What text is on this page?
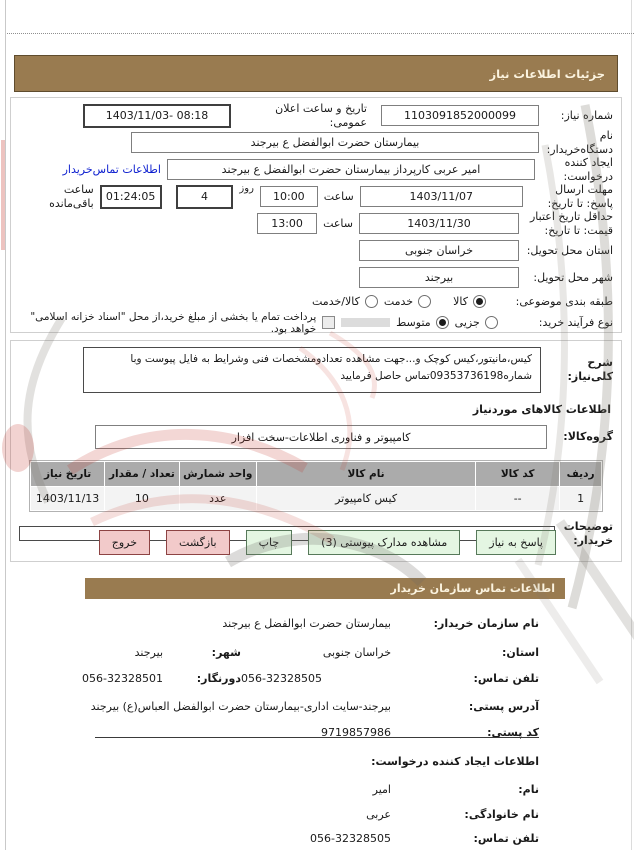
جزئیات اطلاعات نیاز
شماره نیاز:
1103091852000099
تاریخ و ساعت اعلان عمومی:
1403/11/03- 08:18
نام دستگاه‌خریدار:
بیمارستان حضرت ابوالفضل ع بیرجند
ایجاد کننده درخواست:
امیر عربی کارپرداز بیمارستان حضرت ابوالفضل ع بیرجند
اطلاعات تماس‌خریدار
مهلت ارسال پاسخ: تا تاریخ:
1403/11/07
ساعت
10:00
روز
4
01:24:05
ساعت باقی‌مانده
حداقل تاریخ اعتبار قیمت: تا تاریخ:
1403/11/30
ساعت
13:00
استان محل تحویل:
خراسان جنوبی
شهر محل تحویل:
بیرجند
طبقه بندی موضوعی:
کالا
خدمت
کالا/خدمت
نوع فرآیند خرید:
جزیی
متوسط
پرداخت تمام یا بخشی از مبلغ خرید،از محل "اسناد خزانه اسلامی" خواهد بود.
شرح کلی‌نیاز:
کیس،مانیتور،کیس کوچک و...جهت مشاهده تعدادومشخصات فنی وشرایط به فایل پیوست وبا شماره09353736198تماس حاصل فرمایید
اطلاعات کالاهای موردنیاز
گروه‌کالا:
کامپیوتر و فناوری اطلاعات-سخت افزار
ردیف	کد کالا	نام کالا	واحد شمارش	تعداد / مقدار	تاریخ نیاز
1	--	کیس کامپیوتر	عدد	10	1403/11/13
توضیحات خریدار:
پاسخ به نیاز
مشاهده مدارک پیوستی (3)
چاپ
بازگشت
خروج
اطلاعات تماس سازمان خریدار
نام سازمان خریدار:
بیمارستان حضرت ابوالفضل ع بیرجند
استان:
خراسان جنوبی
شهر:
بیرجند
تلفن تماس:
056-32328505
دورنگار:
056-32328501
آدرس پستی:
بیرجند-سایت اداری-بیمارستان حضرت ابوالفضل العباس(ع) بیرجند
کد پستی:
9719857986
اطلاعات ایجاد کننده درخواست:
نام:
امیر
نام خانوادگی:
عربی
تلفن تماس:
056-32328505
